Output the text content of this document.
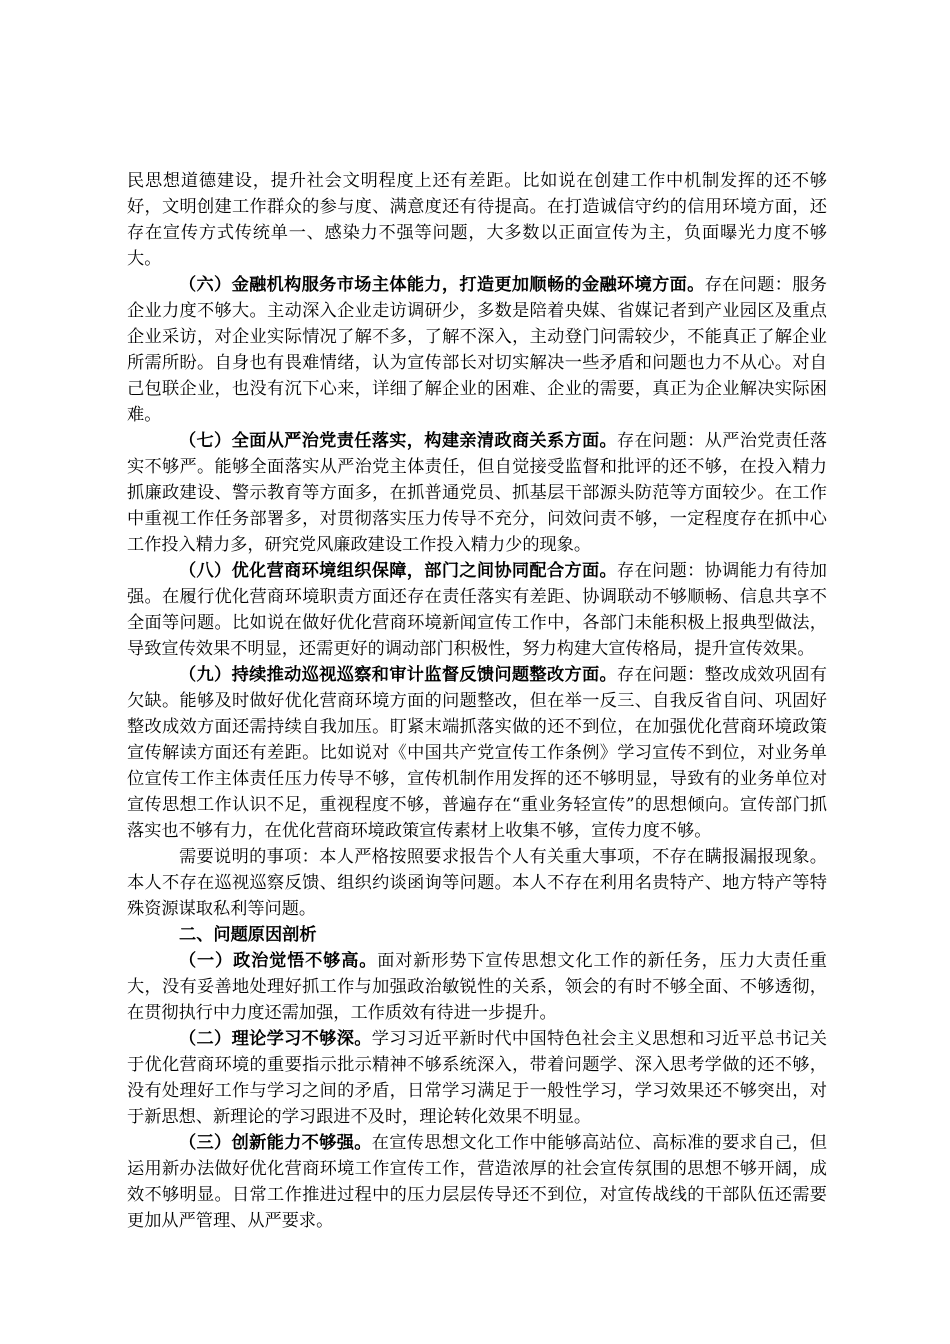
民思想道德建设，提升社会文明程度上还有差距。比如说在创建工作中机制发挥的还不够好，文明创建工作群众的参与度、满意度还有待提高。在打造诚信守约的信用环境方面，还存在宣传方式传统单一、感染力不强等问题，大多数以正面宣传为主，负面曝光力度不够大。

（六）金融机构服务市场主体能力，打造更加顺畅的金融环境方面。存在问题：服务企业力度不够大。主动深入企业走访调研少，多数是陪着央媒、省媒记者到产业园区及重点企业采访，对企业实际情况了解不多，了解不深入，主动登门问需较少，不能真正了解企业所需所盼。自身也有畏难情绪，认为宣传部长对切实解决一些矛盾和问题也力不从心。对自己包联企业，也没有沉下心来，详细了解企业的困难、企业的需要，真正为企业解决实际困难。

（七）全面从严治党责任落实，构建亲清政商关系方面。存在问题：从严治党责任落实不够严。能够全面落实从严治党主体责任，但自觉接受监督和批评的还不够，在投入精力抓廉政建设、警示教育等方面多，在抓普通党员、抓基层干部源头防范等方面较少。在工作中重视工作任务部署多，对贯彻落实压力传导不充分，问效问责不够，一定程度存在抓中心工作投入精力多，研究党风廉政建设工作投入精力少的现象。

（八）优化营商环境组织保障，部门之间协同配合方面。存在问题：协调能力有待加强。在履行优化营商环境职责方面还存在责任落实有差距、协调联动不够顺畅、信息共享不全面等问题。比如说在做好优化营商环境新闻宣传工作中，各部门未能积极上报典型做法，导致宣传效果不明显，还需更好的调动部门积极性，努力构建大宣传格局，提升宣传效果。

（九）持续推动巡视巡察和审计监督反馈问题整改方面。存在问题：整改成效巩固有欠缺。能够及时做好优化营商环境方面的问题整改，但在举一反三、自我反省自问、巩固好整改成效方面还需持续自我加压。盯紧末端抓落实做的还不到位，在加强优化营商环境政策宣传解读方面还有差距。比如说对《中国共产党宣传工作条例》学习宣传不到位，对业务单位宣传工作主体责任压力传导不够，宣传机制作用发挥的还不够明显，导致有的业务单位对宣传思想工作认识不足，重视程度不够，普遍存在“重业务轻宣传”的思想倾向。宣传部门抓落实也不够有力，在优化营商环境政策宣传素材上收集不够，宣传力度不够。

需要说明的事项：本人严格按照要求报告个人有关重大事项，不存在瞒报漏报现象。本人不存在巡视巡察反馈、组织约谈函询等问题。本人不存在利用名贵特产、地方特产等特殊资源谋取私利等问题。

二、问题原因剖析

（一）政治觉悟不够高。面对新形势下宣传思想文化工作的新任务，压力大责任重大，没有妥善地处理好抓工作与加强政治敏锐性的关系，领会的有时不够全面、不够透彻，在贯彻执行中力度还需加强，工作质效有待进一步提升。

（二）理论学习不够深。学习习近平新时代中国特色社会主义思想和习近平总书记关于优化营商环境的重要指示批示精神不够系统深入，带着问题学、深入思考学做的还不够，没有处理好工作与学习之间的矛盾，日常学习满足于一般性学习，学习效果还不够突出，对于新思想、新理论的学习跟进不及时，理论转化效果不明显。

（三）创新能力不够强。在宣传思想文化工作中能够高站位、高标准的要求自己，但运用新办法做好优化营商环境工作宣传工作，营造浓厚的社会宣传氛围的思想不够开阔，成效不够明显。日常工作推进过程中的压力层层传导还不到位，对宣传战线的干部队伍还需要更加从严管理、从严要求。
